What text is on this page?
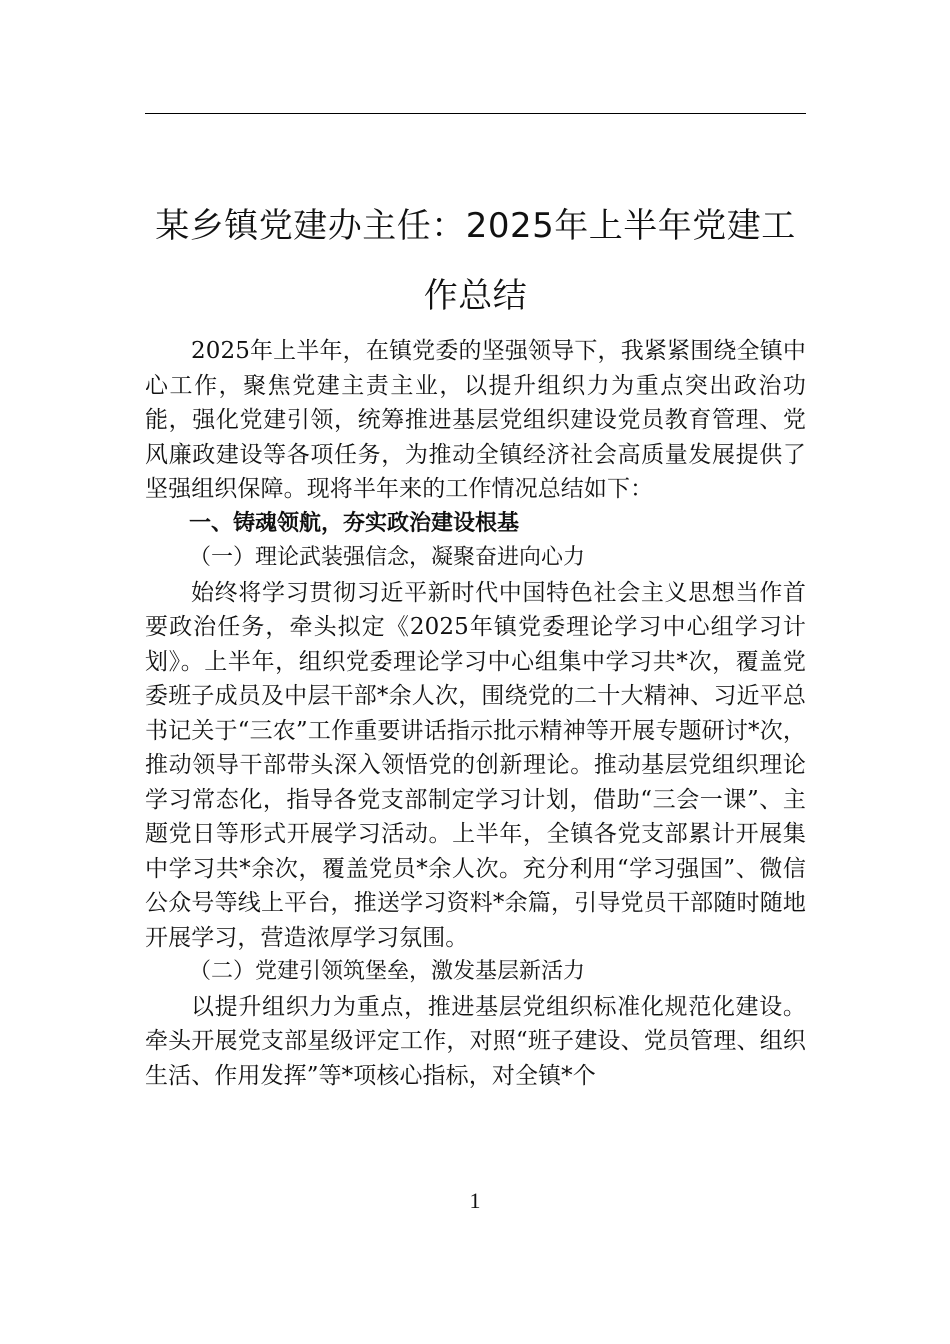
某乡镇党建办主任：2025年上半年党建工作总结

2025年上半年，在镇党委的坚强领导下，我紧紧围绕全镇中心工作，聚焦党建主责主业，以提升组织力为重点突出政治功能，强化党建引领，统筹推进基层党组织建设党员教育管理、党风廉政建设等各项任务，为推动全镇经济社会高质量发展提供了坚强组织保障。现将半年来的工作情况总结如下：

一、铸魂领航，夯实政治建设根基

（一）理论武装强信念，凝聚奋进向心力

始终将学习贯彻习近平新时代中国特色社会主义思想当作首要政治任务，牵头拟定《2025年镇党委理论学习中心组学习计划》。上半年，组织党委理论学习中心组集中学习共*次，覆盖党委班子成员及中层干部*余人次，围绕党的二十大精神、习近平总书记关于“三农”工作重要讲话指示批示精神等开展专题研讨*次，推动领导干部带头深入领悟党的创新理论。推动基层党组织理论学习常态化，指导各党支部制定学习计划，借助“三会一课”、主题党日等形式开展学习活动。上半年，全镇各党支部累计开展集中学习共*余次，覆盖党员*余人次。充分利用“学习强国”、微信公众号等线上平台，推送学习资料*余篇，引导党员干部随时随地开展学习，营造浓厚学习氛围。

（二）党建引领筑堡垒，激发基层新活力

以提升组织力为重点，推进基层党组织标准化规范化建设。牵头开展党支部星级评定工作，对照“班子建设、党员管理、组织生活、作用发挥”等*项核心指标，对全镇*个

1
